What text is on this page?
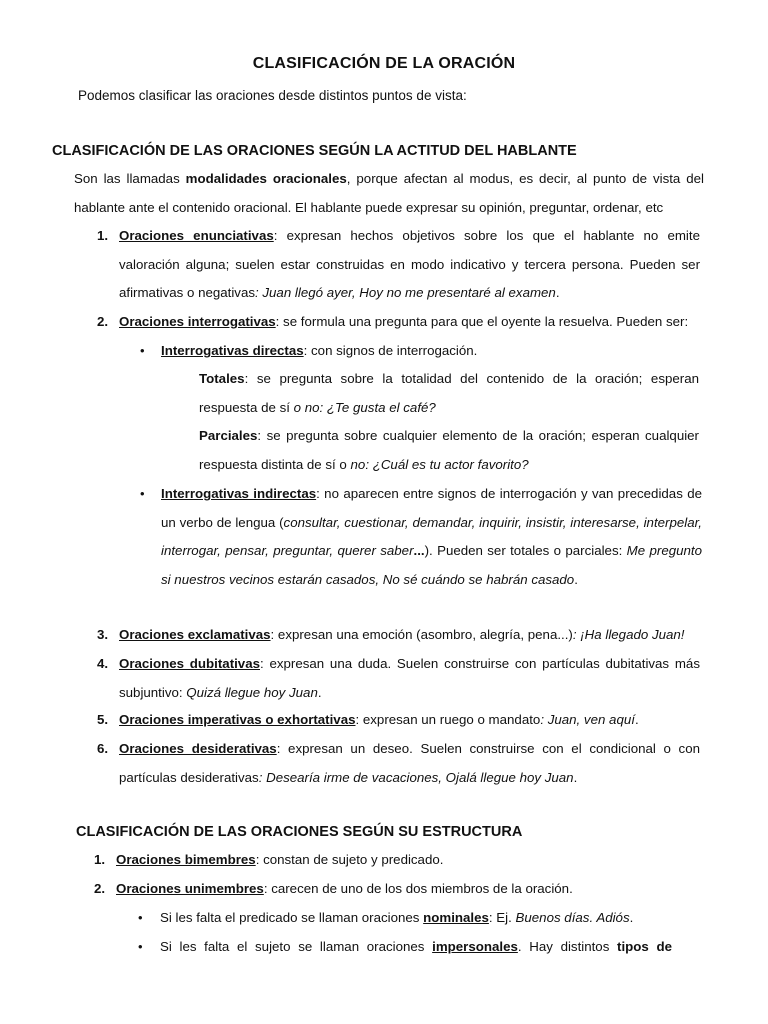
CLASIFICACIÓN DE LA ORACIÓN
Podemos clasificar las oraciones desde distintos puntos de vista:
CLASIFICACIÓN DE LAS ORACIONES SEGÚN LA ACTITUD DEL HABLANTE
Son las llamadas modalidades oracionales, porque afectan al modus, es decir, al punto de vista del hablante ante el contenido oracional. El hablante puede expresar su opinión, preguntar, ordenar, etc
1. Oraciones enunciativas: expresan hechos objetivos sobre los que el hablante no emite valoración alguna; suelen estar construidas en modo indicativo y tercera persona. Pueden ser afirmativas o negativas: Juan llegó ayer, Hoy no me presentaré al examen.
2. Oraciones interrogativas: se formula una pregunta para que el oyente la resuelva. Pueden ser:
• Interrogativas directas: con signos de interrogación.
Totales: se pregunta sobre la totalidad del contenido de la oración; esperan respuesta de sí o no: ¿Te gusta el café?
Parciales: se pregunta sobre cualquier elemento de la oración; esperan cualquier respuesta distinta de sí o no: ¿Cuál es tu actor favorito?
• Interrogativas indirectas: no aparecen entre signos de interrogación y van precedidas de un verbo de lengua (consultar, cuestionar, demandar, inquirir, insistir, interesarse, interpelar, interrogar, pensar, preguntar, querer saber...). Pueden ser totales o parciales: Me pregunto si nuestros vecinos estarán casados, No sé cuándo se habrán casado.
3. Oraciones exclamativas: expresan una emoción (asombro, alegría, pena...): ¡Ha llegado Juan!
4. Oraciones dubitativas: expresan una duda. Suelen construirse con partículas dubitativas más subjuntivo: Quizá llegue hoy Juan.
5. Oraciones imperativas o exhortativas: expresan un ruego o mandato: Juan, ven aquí.
6. Oraciones desiderativas: expresan un deseo. Suelen construirse con el condicional o con partículas desiderativas: Desearía irme de vacaciones, Ojalá llegue hoy Juan.
CLASIFICACIÓN DE LAS ORACIONES SEGÚN SU ESTRUCTURA
1. Oraciones bimembres: constan de sujeto y predicado.
2. Oraciones unimembres: carecen de uno de los dos miembros de la oración.
• Si les falta el predicado se llaman oraciones nominales: Ej. Buenos días. Adiós.
• Si les falta el sujeto se llaman oraciones impersonales. Hay distintos tipos de
